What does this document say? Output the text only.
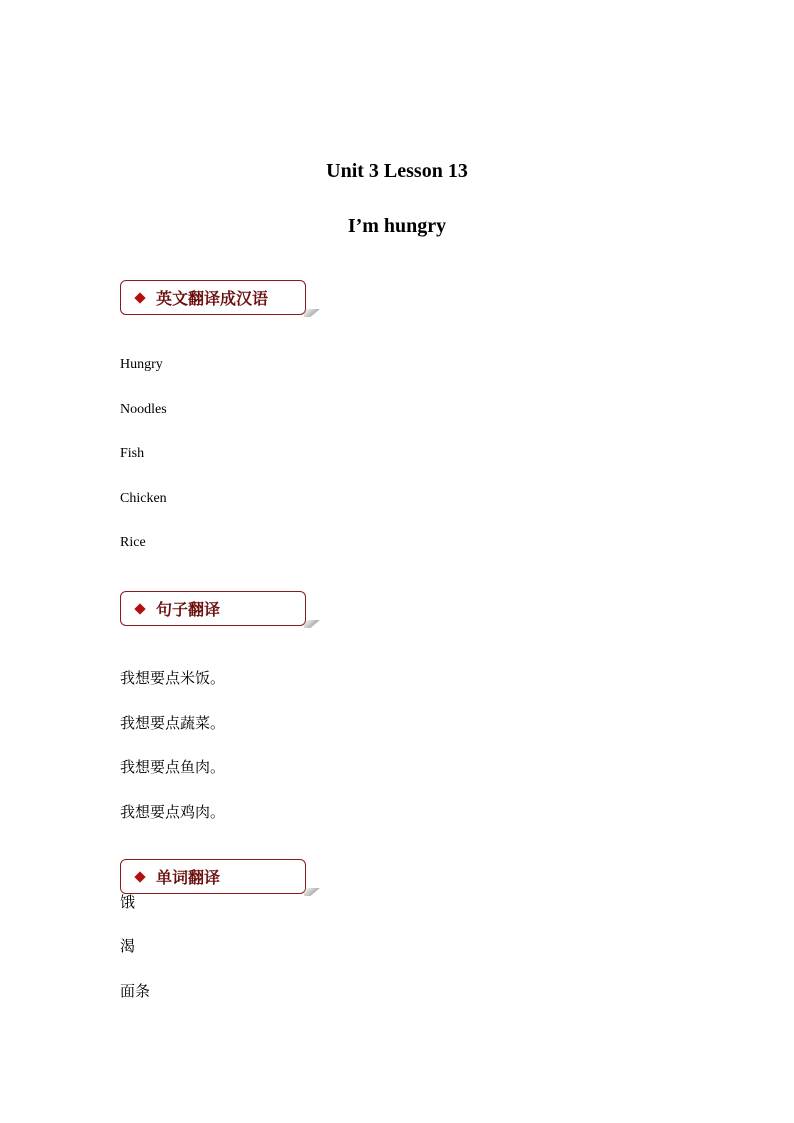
Unit 3 Lesson 13
I’m hungry
英文翻译成汉语
Hungry
Noodles
Fish
Chicken
Rice
句子翻译
我想要点米饭。
我想要点蔬菜。
我想要点鱼肉。
我想要点鸡肉。
单词翻译
饿
渴
面条
